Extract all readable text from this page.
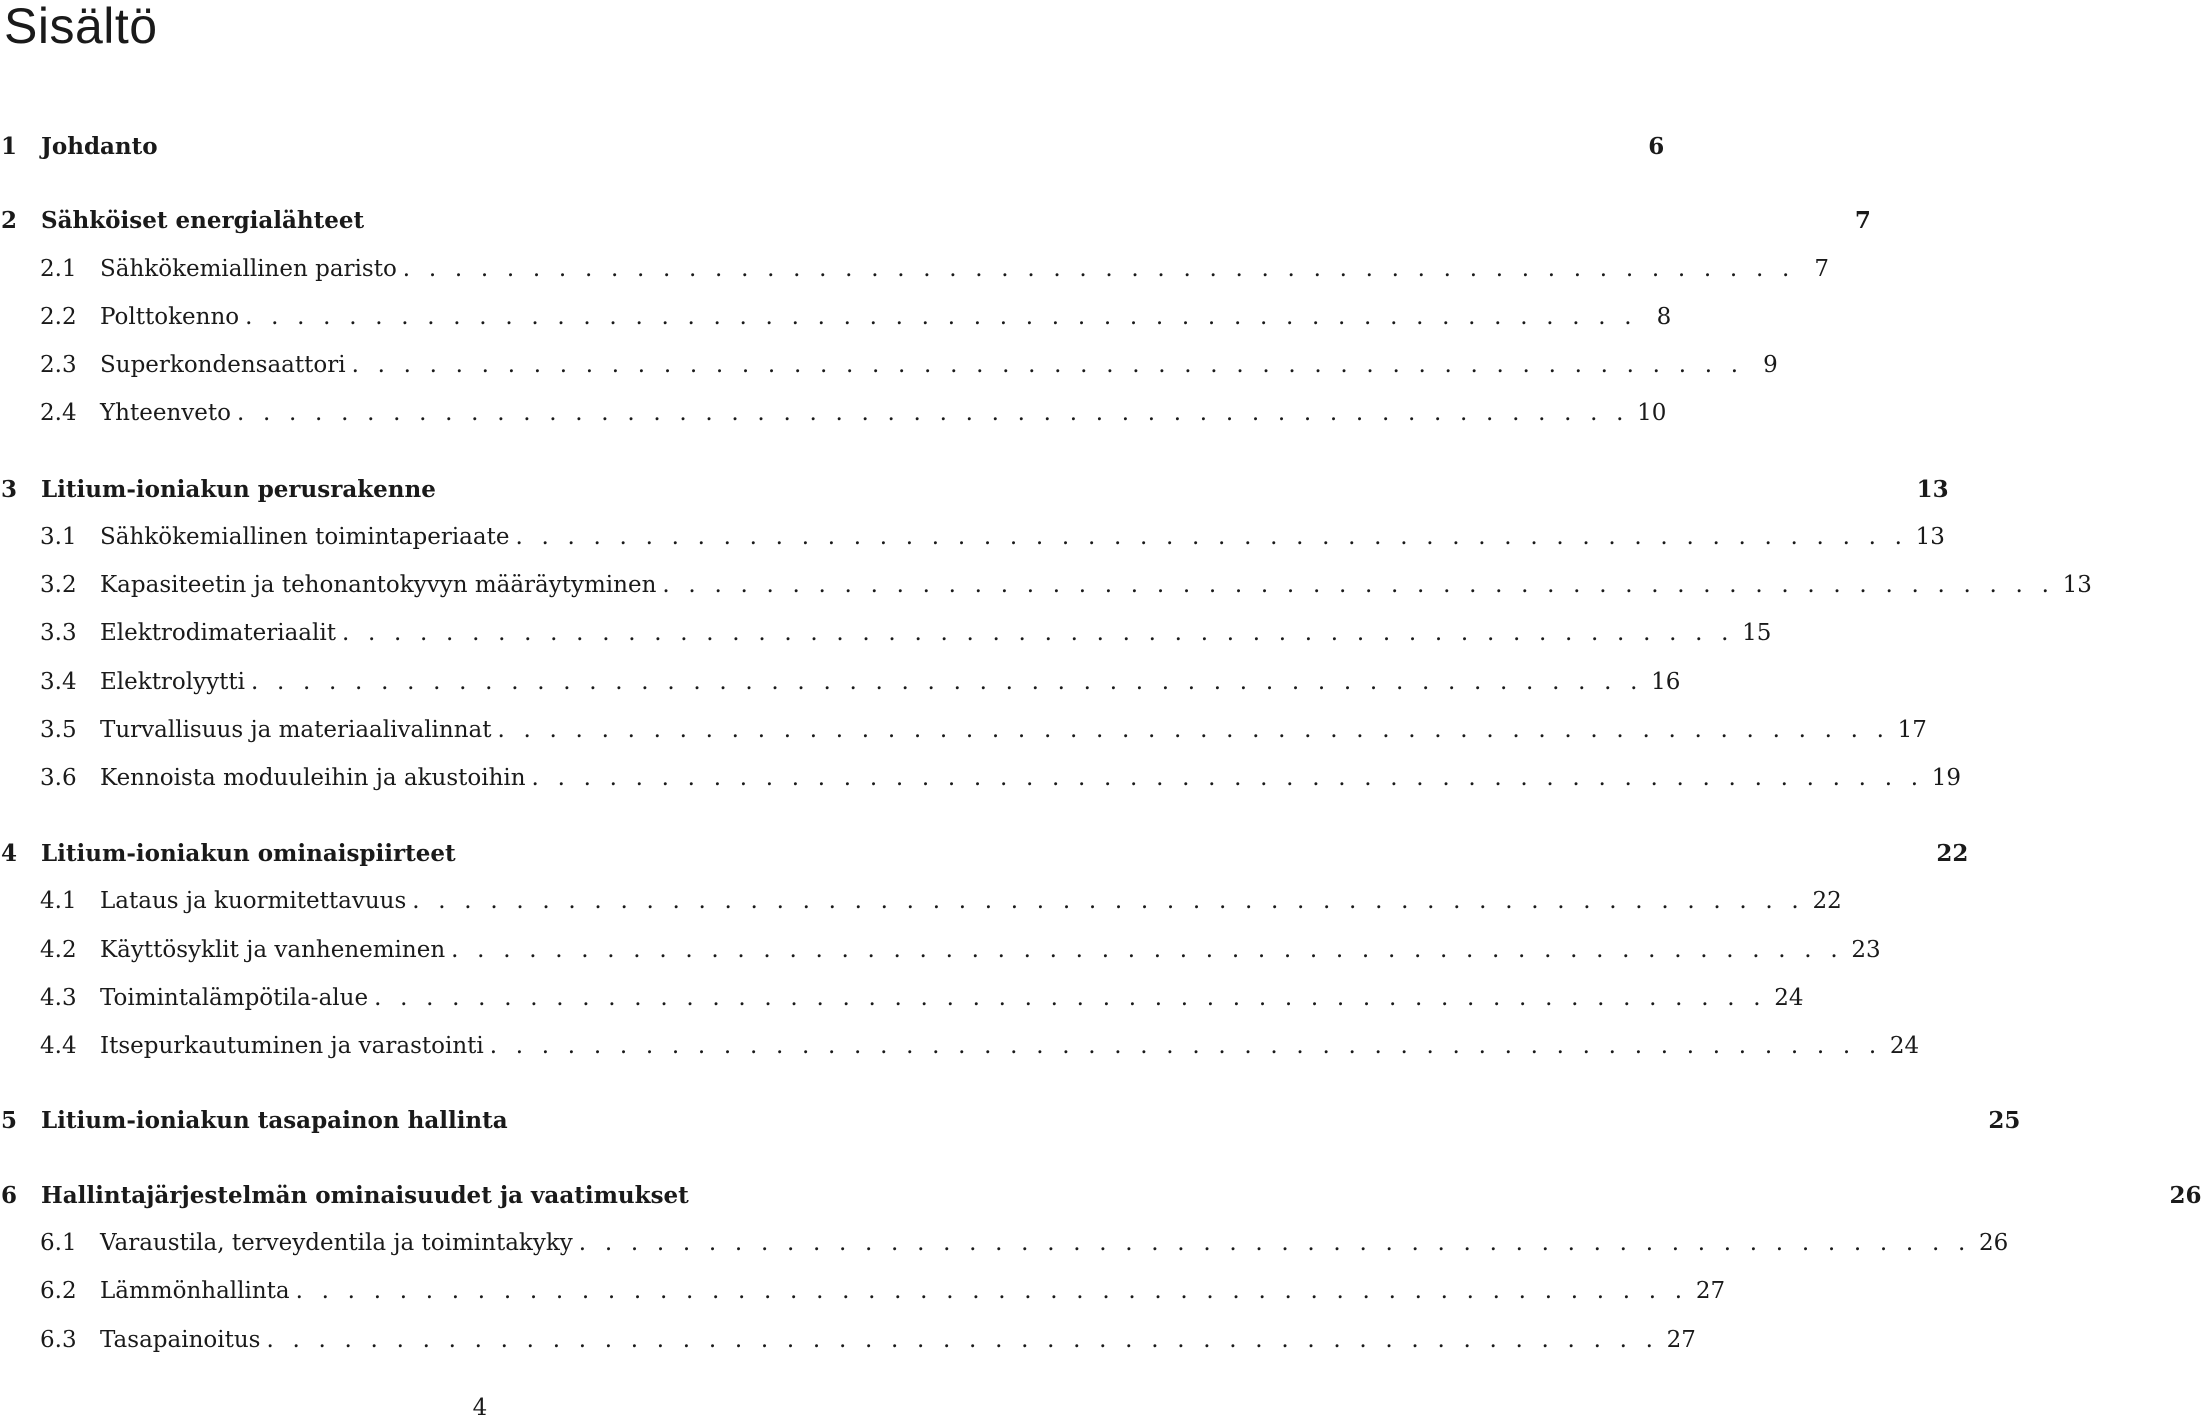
Sisältö
1	Johdanto	6
2	Sähköiset energialähteet	7
2.1	Sähkökemiallinen paristo . . . . . . . . . . . . . . . . . . . . . . . . . . . . . . . . . . . . . . . . . . . . . . . . . . . . . . 7
2.2	Polttokenno . . . . . . . . . . . . . . . . . . . . . . . . . . . . . . . . . . . . . . . . . . . . . . . . . . . . . . 8
2.3	Superkondensaattori . . . . . . . . . . . . . . . . . . . . . . . . . . . . . . . . . . . . . . . . . . . . . . . . . . . . . . 9
2.4	Yhteenveto . . . . . . . . . . . . . . . . . . . . . . . . . . . . . . . . . . . . . . . . . . . . . . . . . . . . . . 10
3	Litium-ioniakun perusrakenne	13
3.1	Sähkökemiallinen toimintaperiaate . . . . . . . . . . . . . . . . . . . . . . . . . . . . . . . . . . . . . . . . . . . . . . . . . . . . . . 13
3.2	Kapasiteetin ja tehonantokyvyn määräytyminen . . . . . . . . . . . . . . . . . . . . . . . . . . . . . . . . . . . . . . . . . . . . . . . . . . . . . . 13
3.3	Elektrodimateriaalit . . . . . . . . . . . . . . . . . . . . . . . . . . . . . . . . . . . . . . . . . . . . . . . . . . . . . . 15
3.4	Elektrolyytti . . . . . . . . . . . . . . . . . . . . . . . . . . . . . . . . . . . . . . . . . . . . . . . . . . . . . . 16
3.5	Turvallisuus ja materiaalivalinnat . . . . . . . . . . . . . . . . . . . . . . . . . . . . . . . . . . . . . . . . . . . . . . . . . . . . . . 17
3.6	Kennoista moduuleihin ja akustoihin . . . . . . . . . . . . . . . . . . . . . . . . . . . . . . . . . . . . . . . . . . . . . . . . . . . . . . 19
4	Litium-ioniakun ominaispiirteet	22
4.1	Lataus ja kuormitettavuus . . . . . . . . . . . . . . . . . . . . . . . . . . . . . . . . . . . . . . . . . . . . . . . . . . . . . . 22
4.2	Käyttösyklit ja vanheneminen . . . . . . . . . . . . . . . . . . . . . . . . . . . . . . . . . . . . . . . . . . . . . . . . . . . . . . 23
4.3	Toimintalämpötila-alue . . . . . . . . . . . . . . . . . . . . . . . . . . . . . . . . . . . . . . . . . . . . . . . . . . . . . . 24
4.4	Itsepurkautuminen ja varastointi . . . . . . . . . . . . . . . . . . . . . . . . . . . . . . . . . . . . . . . . . . . . . . . . . . . . . . 24
5	Litium-ioniakun tasapainon hallinta	25
6	Hallintajärjestelmän ominaisuudet ja vaatimukset	26
6.1	Varaustila, terveydentila ja toimintakyky . . . . . . . . . . . . . . . . . . . . . . . . . . . . . . . . . . . . . . . . . . . . . . . . . . . . . . 26
6.2	Lämmönhallinta . . . . . . . . . . . . . . . . . . . . . . . . . . . . . . . . . . . . . . . . . . . . . . . . . . . . . . 27
6.3	Tasapainoitus . . . . . . . . . . . . . . . . . . . . . . . . . . . . . . . . . . . . . . . . . . . . . . . . . . . . . . 27
4
